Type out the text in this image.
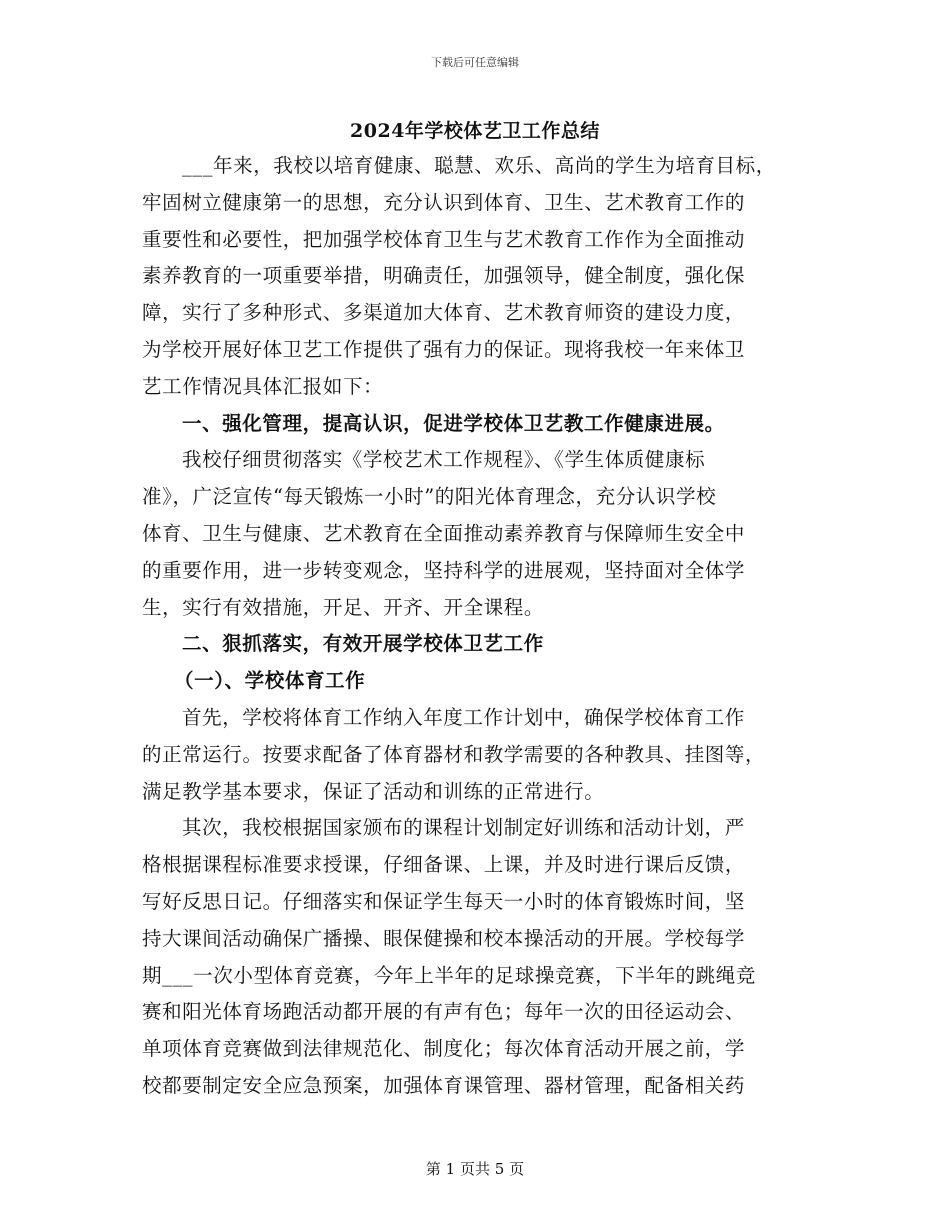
下载后可任意编辑
2024年学校体艺卫工作总结
___年来，我校以培育健康、聪慧、欢乐、高尚的学生为培育目标，
牢固树立健康第一的思想，充分认识到体育、卫生、艺术教育工作的
重要性和必要性，把加强学校体育卫生与艺术教育工作作为全面推动
素养教育的一项重要举措，明确责任，加强领导，健全制度，强化保
障，实行了多种形式、多渠道加大体育、艺术教育师资的建设力度，
为学校开展好体卫艺工作提供了强有力的保证。现将我校一年来体卫
艺工作情况具体汇报如下：
一、强化管理，提高认识，促进学校体卫艺教工作健康进展。
我校仔细贯彻落实《学校艺术工作规程》、《学生体质健康标
准》，广泛宣传“每天锻炼一小时”的阳光体育理念，充分认识学校
体育、卫生与健康、艺术教育在全面推动素养教育与保障师生安全中
的重要作用，进一步转变观念，坚持科学的进展观，坚持面对全体学
生，实行有效措施，开足、开齐、开全课程。
二、狠抓落实，有效开展学校体卫艺工作
（一）、学校体育工作
首先，学校将体育工作纳入年度工作计划中，确保学校体育工作
的正常运行。按要求配备了体育器材和教学需要的各种教具、挂图等，
满足教学基本要求，保证了活动和训练的正常进行。
其次，我校根据国家颁布的课程计划制定好训练和活动计划，严
格根据课程标准要求授课，仔细备课、上课，并及时进行课后反馈，
写好反思日记。仔细落实和保证学生每天一小时的体育锻炼时间，坚
持大课间活动确保广播操、眼保健操和校本操活动的开展。学校每学
期___一次小型体育竞赛，今年上半年的足球操竞赛，下半年的跳绳竞
赛和阳光体育场跑活动都开展的有声有色；每年一次的田径运动会、
单项体育竞赛做到法律规范化、制度化；每次体育活动开展之前，学
校都要制定安全应急预案，加强体育课管理、器材管理，配备相关药
第 1 页共 5 页
